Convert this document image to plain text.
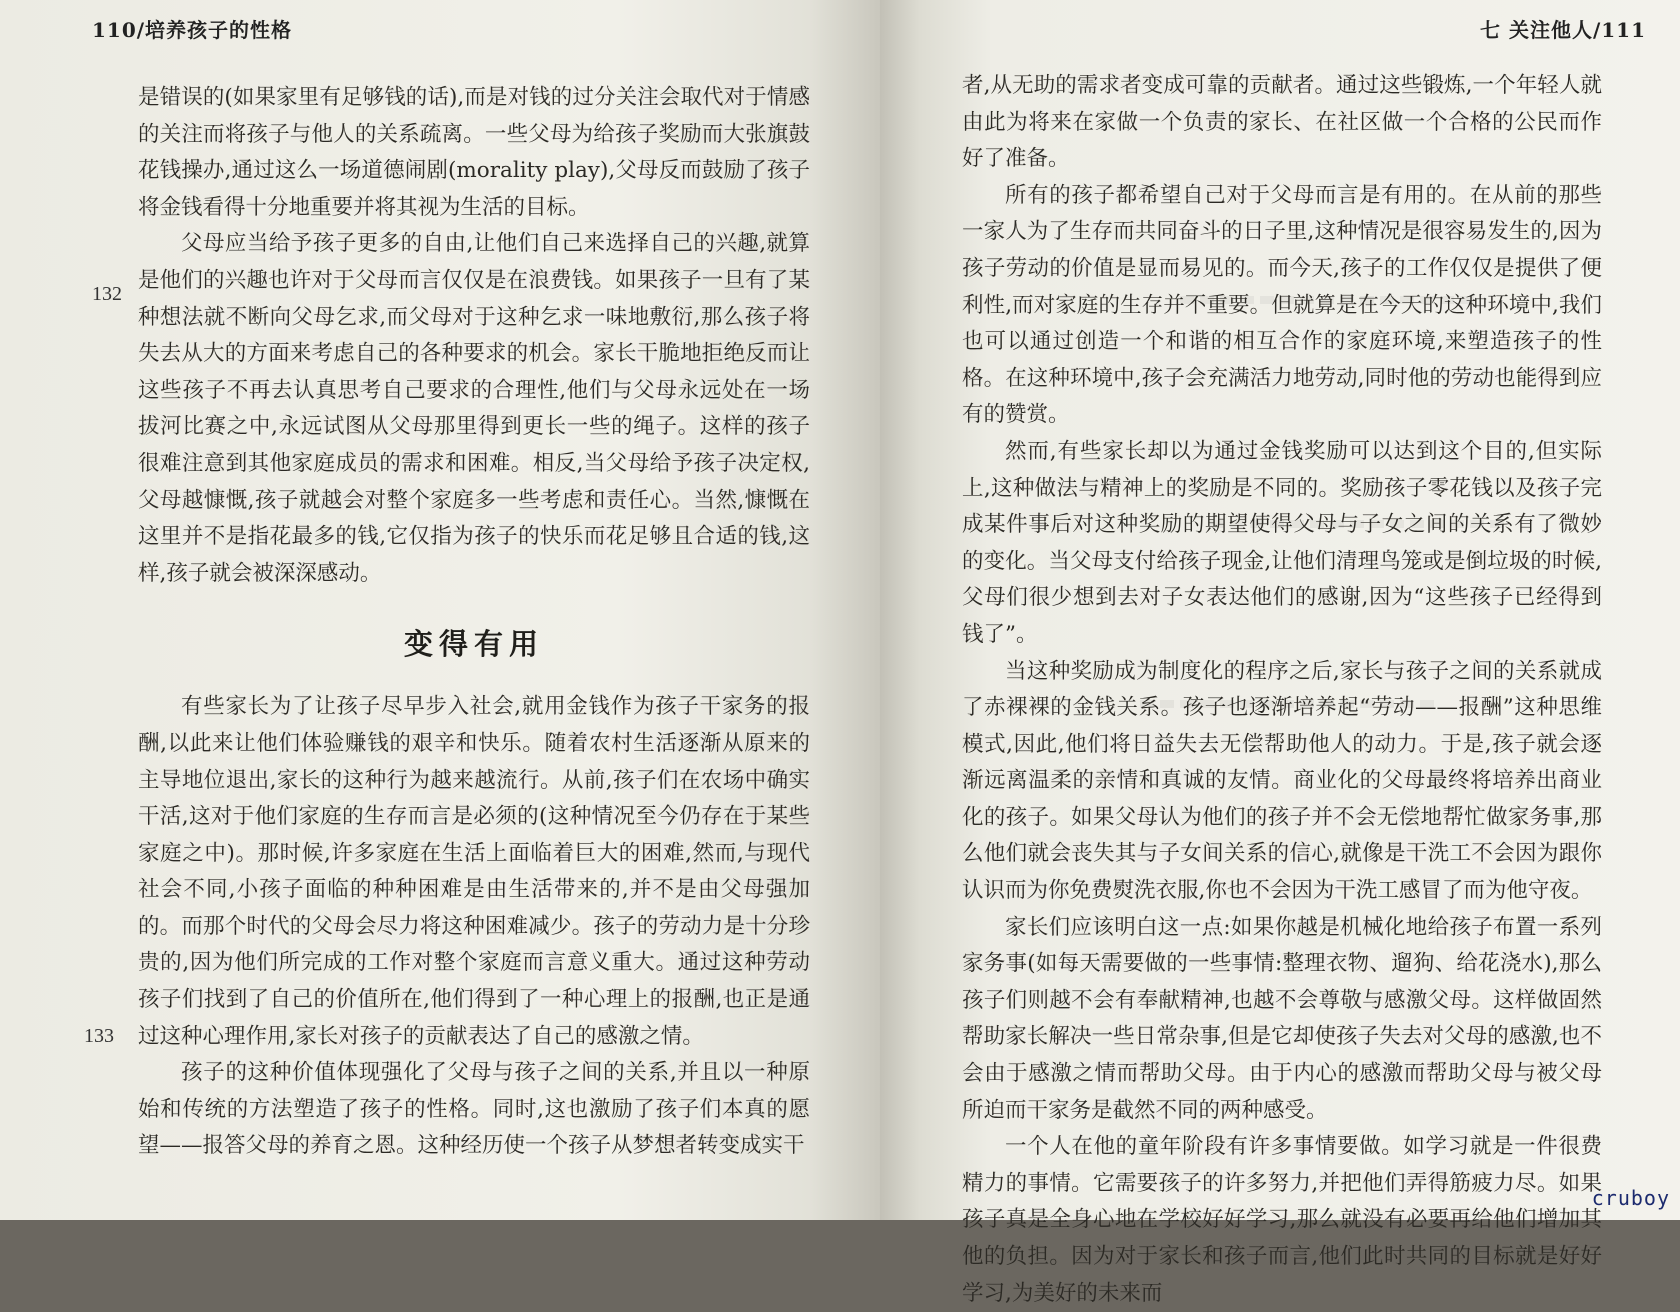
110/培养孩子的性格
132
133

是错误的(如果家里有足够钱的话),而是对钱的过分关注会取代对于情感的关注而将孩子与他人的关系疏离。一些父母为给孩子奖励而大张旗鼓花钱操办,通过这么一场道德闹剧(morality play),父母反而鼓励了孩子将金钱看得十分地重要并将其视为生活的目标。

父母应当给予孩子更多的自由,让他们自己来选择自己的兴趣,就算是他们的兴趣也许对于父母而言仅仅是在浪费钱。如果孩子一旦有了某种想法就不断向父母乞求,而父母对于这种乞求一味地敷衍,那么孩子将失去从大的方面来考虑自己的各种要求的机会。家长干脆地拒绝反而让这些孩子不再去认真思考自己要求的合理性,他们与父母永远处在一场拔河比赛之中,永远试图从父母那里得到更长一些的绳子。这样的孩子很难注意到其他家庭成员的需求和困难。相反,当父母给予孩子决定权,父母越慷慨,孩子就越会对整个家庭多一些考虑和责任心。当然,慷慨在这里并不是指花最多的钱,它仅指为孩子的快乐而花足够且合适的钱,这样,孩子就会被深深感动。

变得有用

有些家长为了让孩子尽早步入社会,就用金钱作为孩子干家务的报酬,以此来让他们体验赚钱的艰辛和快乐。随着农村生活逐渐从原来的主导地位退出,家长的这种行为越来越流行。从前,孩子们在农场中确实干活,这对于他们家庭的生存而言是必须的(这种情况至今仍存在于某些家庭之中)。那时候,许多家庭在生活上面临着巨大的困难,然而,与现代社会不同,小孩子面临的种种困难是由生活带来的,并不是由父母强加的。而那个时代的父母会尽力将这种困难减少。孩子的劳动力是十分珍贵的,因为他们所完成的工作对整个家庭而言意义重大。通过这种劳动孩子们找到了自己的价值所在,他们得到了一种心理上的报酬,也正是通过这种心理作用,家长对孩子的贡献表达了自己的感激之情。

孩子的这种价值体现强化了父母与孩子之间的关系,并且以一种原始和传统的方法塑造了孩子的性格。同时,这也激励了孩子们本真的愿望——报答父母的养育之恩。这种经历使一个孩子从梦想者转变成实干

七 关注他人/111

者,从无助的需求者变成可靠的贡献者。通过这些锻炼,一个年轻人就由此为将来在家做一个负责的家长、在社区做一个合格的公民而作好了准备。

所有的孩子都希望自己对于父母而言是有用的。在从前的那些一家人为了生存而共同奋斗的日子里,这种情况是很容易发生的,因为孩子劳动的价值是显而易见的。而今天,孩子的工作仅仅是提供了便利性,而对家庭的生存并不重要。但就算是在今天的这种环境中,我们也可以通过创造一个和谐的相互合作的家庭环境,来塑造孩子的性格。在这种环境中,孩子会充满活力地劳动,同时他的劳动也能得到应有的赞赏。

然而,有些家长却以为通过金钱奖励可以达到这个目的,但实际上,这种做法与精神上的奖励是不同的。奖励孩子零花钱以及孩子完成某件事后对这种奖励的期望使得父母与子女之间的关系有了微妙的变化。当父母支付给孩子现金,让他们清理鸟笼或是倒垃圾的时候,父母们很少想到去对子女表达他们的感谢,因为“这些孩子已经得到钱了”。

当这种奖励成为制度化的程序之后,家长与孩子之间的关系就成了赤裸裸的金钱关系。孩子也逐渐培养起“劳动——报酬”这种思维模式,因此,他们将日益失去无偿帮助他人的动力。于是,孩子就会逐渐远离温柔的亲情和真诚的友情。商业化的父母最终将培养出商业化的孩子。如果父母认为他们的孩子并不会无偿地帮忙做家务事,那么他们就会丧失其与子女间关系的信心,就像是干洗工不会因为跟你认识而为你免费熨洗衣服,你也不会因为干洗工感冒了而为他守夜。

家长们应该明白这一点:如果你越是机械化地给孩子布置一系列家务事(如每天需要做的一些事情:整理衣物、遛狗、给花浇水),那么孩子们则越不会有奉献精神,也越不会尊敬与感激父母。这样做固然帮助家长解决一些日常杂事,但是它却使孩子失去对父母的感激,也不会由于感激之情而帮助父母。由于内心的感激而帮助父母与被父母所迫而干家务是截然不同的两种感受。

一个人在他的童年阶段有许多事情要做。如学习就是一件很费精力的事情。它需要孩子的许多努力,并把他们弄得筋疲力尽。如果孩子真是全身心地在学校好好学习,那么就没有必要再给他们增加其他的负担。因为对于家长和孩子而言,他们此时共同的目标就是好好学习,为美好的未来而

cruboy
